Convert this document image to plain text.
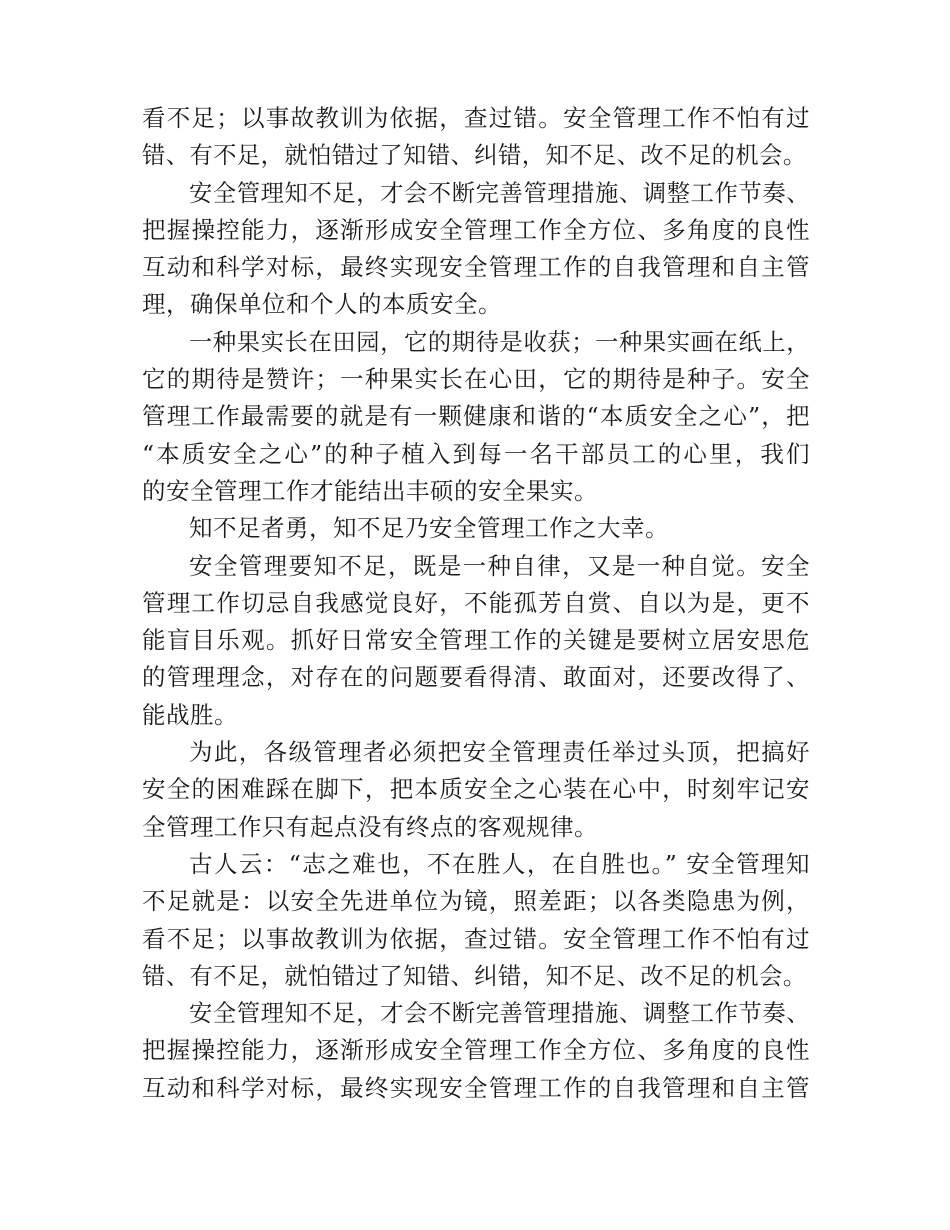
看不足；以事故教训为依据，查过错。安全管理工作不怕有过
错、有不足，就怕错过了知错、纠错，知不足、改不足的机会。
安全管理知不足，才会不断完善管理措施、调整工作节奏、
把握操控能力，逐渐形成安全管理工作全方位、多角度的良性
互动和科学对标，最终实现安全管理工作的自我管理和自主管
理，确保单位和个人的本质安全。
一种果实长在田园，它的期待是收获；一种果实画在纸上，
它的期待是赞许；一种果实长在心田，它的期待是种子。安全
管理工作最需要的就是有一颗健康和谐的“本质安全之心”，把
“本质安全之心”的种子植入到每一名干部员工的心里，我们
的安全管理工作才能结出丰硕的安全果实。
知不足者勇，知不足乃安全管理工作之大幸。
安全管理要知不足，既是一种自律，又是一种自觉。安全
管理工作切忌自我感觉良好，不能孤芳自赏、自以为是，更不
能盲目乐观。抓好日常安全管理工作的关键是要树立居安思危
的管理理念，对存在的问题要看得清、敢面对，还要改得了、
能战胜。
为此，各级管理者必须把安全管理责任举过头顶，把搞好
安全的困难踩在脚下，把本质安全之心装在心中，时刻牢记安
全管理工作只有起点没有终点的客观规律。
古人云：“志之难也，不在胜人，在自胜也。” 安全管理知
不足就是：以安全先进单位为镜，照差距；以各类隐患为例，
看不足；以事故教训为依据，查过错。安全管理工作不怕有过
错、有不足，就怕错过了知错、纠错，知不足、改不足的机会。
安全管理知不足，才会不断完善管理措施、调整工作节奏、
把握操控能力，逐渐形成安全管理工作全方位、多角度的良性
互动和科学对标，最终实现安全管理工作的自我管理和自主管
